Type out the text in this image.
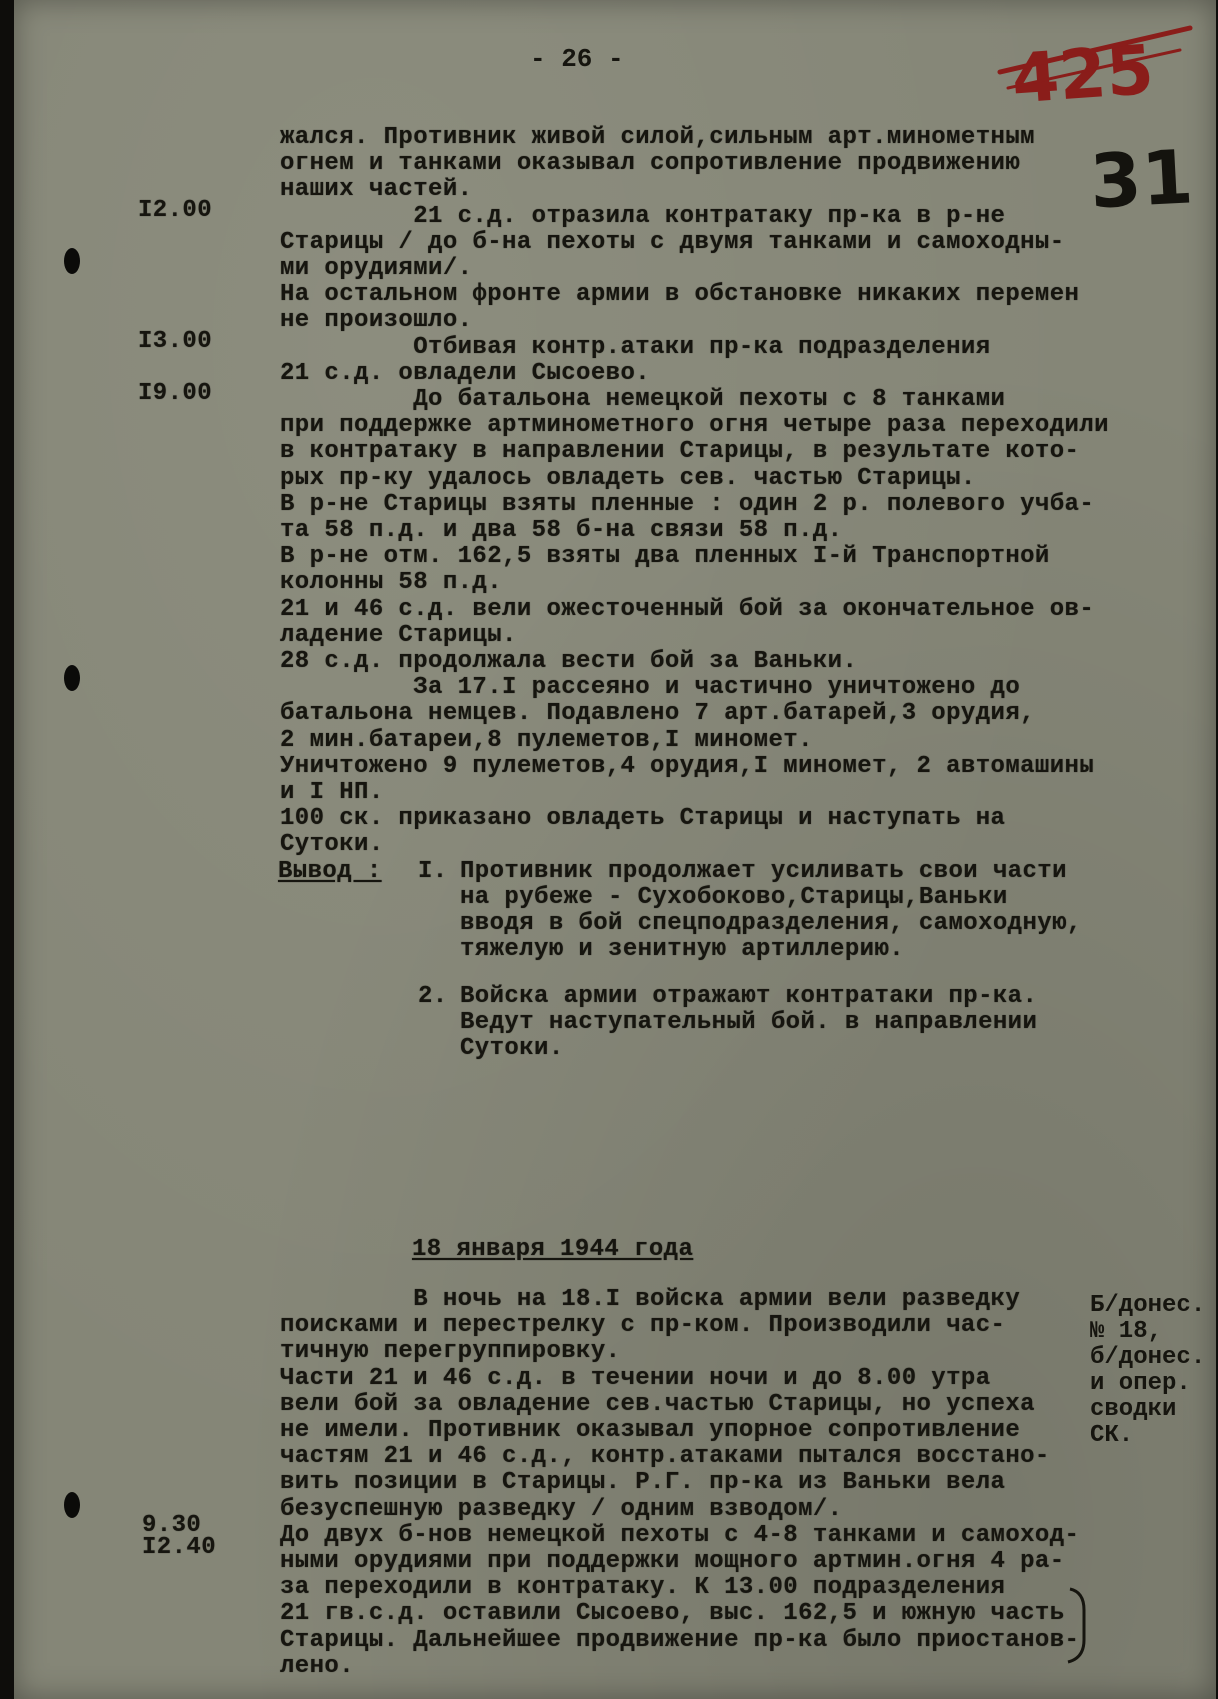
- 26 -
I2.00
I3.00
I9.00
Вывод : I.
2.
18 января 1944 года
9.30
I2.40
жался. Противник живой силой,сильным арт.минометным
огнем и танками оказывал сопротивление продвижению
наших частей.
21 с.д. отразила контратаку пр-ка в р-не
Старицы / до б-на пехоты с двумя танками и самоходны-
ми орудиями/.
На остальном фронте армии в обстановке никаких перемен
не произошло.
Отбивая контр.атаки пр-ка подразделения
21 с.д. овладели Сысоево.
До батальона немецкой пехоты с 8 танками
при поддержке артминометного огня четыре раза переходили
в контратаку в направлении Старицы, в результате кото-
рых пр-ку удалось овладеть сев. частью Старицы.
В р-не Старицы взяты пленные : один 2 р. полевого учба-
та 58 п.д. и два 58 б-на связи 58 п.д.
В р-не отм. 162,5 взяты два пленных I-й Транспортной
колонны 58 п.д.
21 и 46 с.д. вели ожесточенный бой за окончательное ов-
ладение Старицы.
28 с.д. продолжала вести бой за Ваньки.
За 17.I рассеяно и частично уничтожено до
батальона немцев. Подавлено 7 арт.батарей,3 орудия,
2 мин.батареи,8 пулеметов,I миномет.
Уничтожено 9 пулеметов,4 орудия,I миномет, 2 автомашины
и I НП.
100 ск. приказано овладеть Старицы и наступать на
Сутоки.
Противник продолжает усиливать свои части
на рубеже - Сухобоково,Старицы,Ваньки
вводя в бой спецподразделения, самоходную,
тяжелую и зенитную артиллерию.
Войска армии отражают контратаки пр-ка.
Ведут наступательный бой. в направлении
Сутоки.
В ночь на 18.I войска армии вели разведку
поисками и перестрелку с пр-ком. Производили час-
тичную перегруппировку.
Части 21 и 46 с.д. в течении ночи и до 8.00 утра
вели бой за овладение сев.частью Старицы, но успеха
не имели. Противник оказывал упорное сопротивление
частям 21 и 46 с.д., контр.атаками пытался восстано-
вить позиции в Старицы. Р.Г. пр-ка из Ваньки вела
безуспешную разведку / одним взводом/.
До двух б-нов немецкой пехоты с 4-8 танками и самоход-
ными орудиями при поддержки мощного артмин.огня 4 ра-
за переходили в контратаку. К 13.00 подразделения
21 гв.с.д. оставили Сысоево, выс. 162,5 и южную часть
Старицы. Дальнейшее продвижение пр-ка было приостанов-
лено.
Б/донес.
№ 18,
б/донес.
и опер.
сводки
СК.
425
31
